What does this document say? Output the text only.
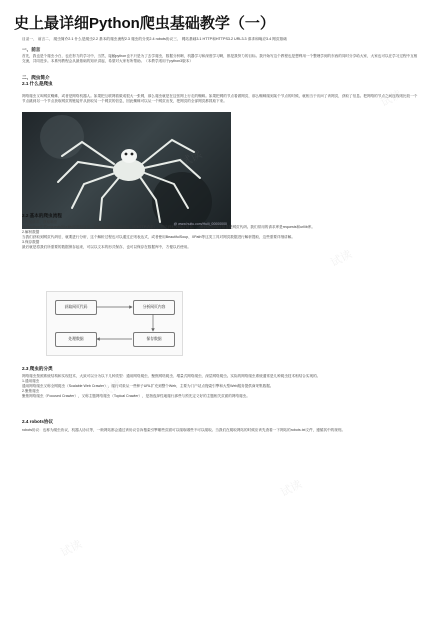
史上最详细Python爬虫基础教学（一）
目录一、 前言二、 爬虫简介2.1 什么是爬虫2.2 基本的爬虫流程2.3 爬虫的分类2.4 robots协议三、 网站基础3.1 HTTP和HTTPS3.2 URL3.3 请求和响应3.4 网页基础
一、前言
首先，我也是个爬虫小白，也在努力的学习中，当然，接触python也不只是为了去学爬虫，数据分析啊，机器学习和深度学习啊，都是我努力的目标。我开始写这个教程也是想利用一个整理学到的东西的同时分享给大家，大家也可以在学习过程中互相交流，共同进步。本系列教程会从最基础的知识讲起，希望对大家有所帮助。（本教学适用于python3版本）
二、爬虫简介
2.1 什么是爬虫
@ www.huitu.com/Huili_00000000
网络爬虫又叫网页蜘蛛，或者是网络机器人。如果把互联网看做成很大一张网，那么爬虫就是在这张网上行走的蜘蛛。如果把网的节点看做网页，那么蜘蛛爬到某个节点的时候，就相当于访问了该网页，获取了信息。把网络的节点之间连线则比较一个节点跳到另一个节点获取网页的链接并从获取另一个网页的信息，因此蜘蛛可以从一个网页出发，把网页的全部网页都抓取下来。
2.2 基本的爬虫流程
1.发起请求、获取响应
使用python中的requests和urllib库发起请求，获取服务器返回的响应（即HTTP请求），然后获取到响应信息，一般获取的响应信息是网页代码。我们常用的请求库是requests和urllib库。
2.解析数据
当我们获取到网页代码后，就要进行分析，这个解析过程也可以通过正则表达式，或者使用BeautifulSoup、XPath等这类工具对网页数据进行解析提取，这些需要详细讲解。
3.保存数据
最后就是将我们所需要的数据保存起来，可以以文本的形式保存，也可以保存在数据库中，方便以后使用。
获取网页代码	分析网页内容
处理数据	保存数据
2.3 爬虫的分类
网络爬虫按照系统结构和实现技术，大致可以分为以下几种类型：通用网络爬虫、聚焦网络爬虫、增量式网络爬虫、深层网络爬虫。实际的网络爬虫系统通常是几种爬虫技术相结合实现的。
1.通用爬虫
通用网络爬虫又称全网爬虫（Scalable Web Crawler），爬行对象从一些种子URL扩充到整个Web，主要为门户站点搜索引擎和大型Web服务提供商采集数据。
2.聚焦爬虫
聚焦网络爬虫（Focused Crawler），又称主题网络爬虫（Topical Crawler），是指选择性地爬行那些与预先定义好的主题相关页面的网络爬虫。
2.4 robots协议
robots协议：也称为爬虫协议，机器人协议等，一般网站都会通过该协议告诉搜索引擎哪些页面可以爬取哪些不可以爬取。当我们在爬取网站的时候应该先查看一下网站的robots.txt文件，遵循其中的规则。
试读
试读
试读
试读
试读
